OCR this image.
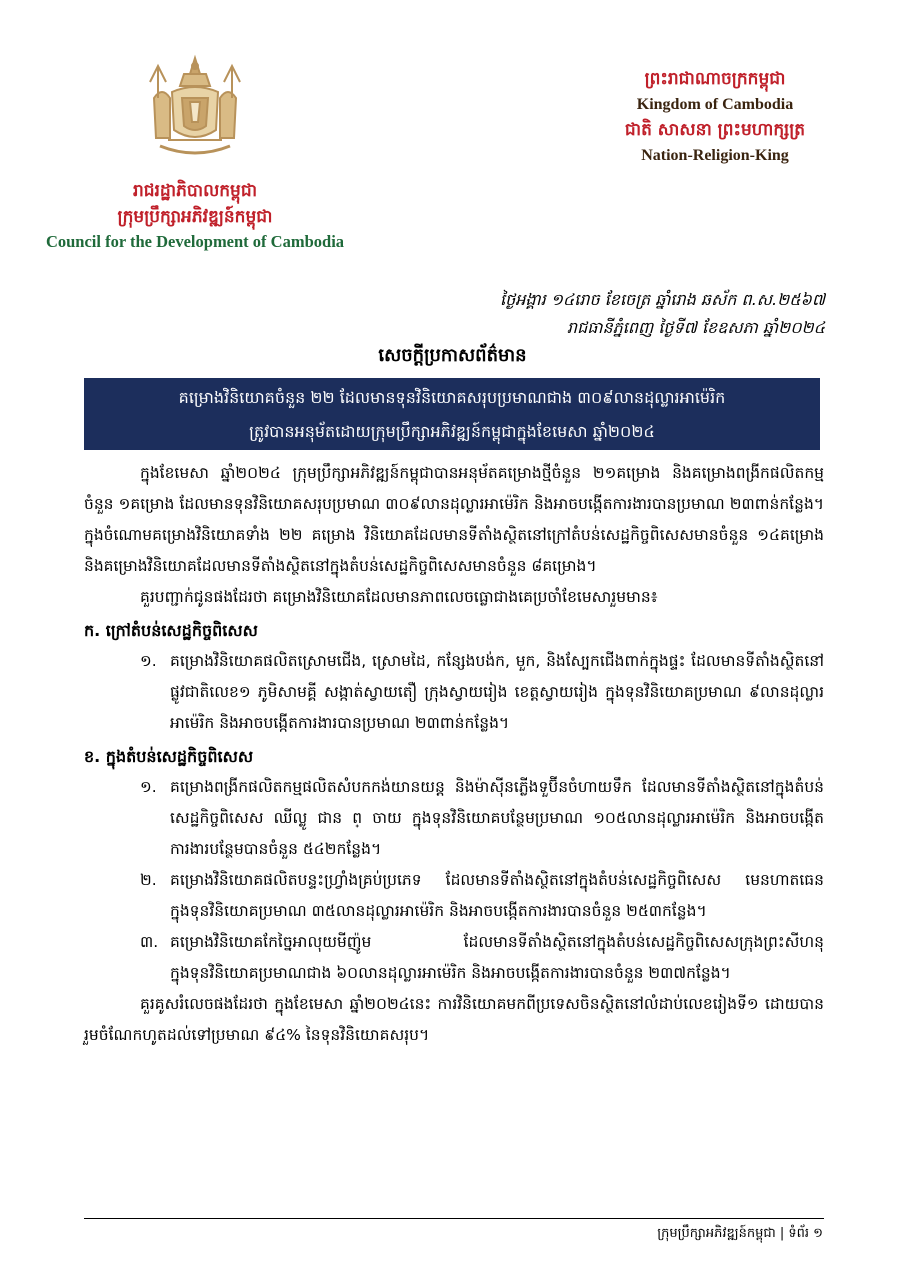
រាជរដ្ឋាភិបាលកម្ពុជា
ក្រុមប្រឹក្សាអភិវឌ្ឍន៍កម្ពុជា
Council for the Development of Cambodia
ព្រះរាជាណាចក្រកម្ពុជា
Kingdom of Cambodia
ជាតិ សាសនា ព្រះមហាក្សត្រ
Nation-Religion-King
ថ្ងៃអង្គារ ១៤រោច ខែចេត្រ ឆ្នាំរោង ឆស័ក ព.ស.២៥៦៧
រាជធានីភ្នំពេញ ថ្ងៃទី៧ ខែឧសភា ឆ្នាំ២០២៤
សេចក្តីប្រកាសព័ត៌មាន
គម្រោងវិនិយោគចំនួន ២២ ដែលមានទុនវិនិយោគសរុបប្រមាណជាង ៣០៩លានដុល្លារអាម៉េរិក
ត្រូវបានអនុម័តដោយក្រុមប្រឹក្សាអភិវឌ្ឍន៍កម្ពុជាក្នុងខែមេសា ឆ្នាំ២០២៤

ក្នុងខែមេសា ឆ្នាំ២០២៤ ក្រុមប្រឹក្សាអភិវឌ្ឍន៍កម្ពុជាបានអនុម័តគម្រោងថ្មីចំនួន ២១គម្រោង និងគម្រោងពង្រីកផលិតកម្មចំនួន ១គម្រោង ដែលមានទុនវិនិយោគសរុបប្រមាណ ៣០៩លានដុល្លារអាម៉េរិក និងអាចបង្កើតការងារបានប្រមាណ ២៣ពាន់កន្លែង។ ក្នុងចំណោមគម្រោងវិនិយោគទាំង ២២ គម្រោង វិនិយោគដែលមានទីតាំងស្ថិតនៅក្រៅតំបន់សេដ្ឋកិច្ចពិសេសមានចំនួន ១៤គម្រោង និងគម្រោងវិនិយោគដែលមានទីតាំងស្ថិតនៅក្នុងតំបន់សេដ្ឋកិច្ចពិសេសមានចំនួន ៨គម្រោង។

គួរបញ្ជាក់ជូនផងដែរថា គម្រោងវិនិយោគដែលមានភាពលេចធ្លោជាងគេប្រចាំខែមេសារួមមាន៖

ក. ក្រៅតំបន់សេដ្ឋកិច្ចពិសេស

១. គម្រោងវិនិយោគផលិតស្រោមជើង, ស្រោមដៃ, កន្សែងបង់ក, មួក, និងស្បែកជើងពាក់ក្នុងផ្ទះ ដែលមានទីតាំងស្ថិតនៅផ្លូវជាតិលេខ១ ភូមិសាមគ្គី សង្កាត់ស្វាយតឿ ក្រុងស្វាយរៀង ខេត្តស្វាយរៀង ក្នុងទុនវិនិយោគប្រមាណ ៩លានដុល្លារអាម៉េរិក និងអាចបង្កើតការងារបានប្រមាណ ២៣ពាន់កន្លែង។

ខ. ក្នុងតំបន់សេដ្ឋកិច្ចពិសេស

១. គម្រោងពង្រីកផលិតកម្មផលិតសំបកកង់យានយន្ត និងម៉ាស៊ីនភ្លើងទួប៊ីនចំហាយទឹក ដែលមានទីតាំងស្ថិតនៅក្នុងតំបន់សេដ្ឋកិច្ចពិសេស ឈីល្លូ ជាន ព្ ចាយ ក្នុងទុនវិនិយោគបន្ថែមប្រមាណ ១០៥លានដុល្លារអាម៉េរិក និងអាចបង្កើតការងារបន្ថែមបានចំនួន ៥៤២កន្លែង។
២. គម្រោងវិនិយោគផលិតបន្ទះហ្វ្រាំងគ្រប់ប្រភេទ ដែលមានទីតាំងស្ថិតនៅក្នុងតំបន់សេដ្ឋកិច្ចពិសេស មេនហាតធេន ក្នុងទុនវិនិយោគប្រមាណ ៣៥លានដុល្លារអាម៉េរិក និងអាចបង្កើតការងារបានចំនួន ២៥៣កន្លែង។
៣. គម្រោងវិនិយោគកែច្នៃអាលុយមីញ៉ូម ដែលមានទីតាំងស្ថិតនៅក្នុងតំបន់សេដ្ឋកិច្ចពិសេសក្រុងព្រះសីហនុ ក្នុងទុនវិនិយោគប្រមាណជាង ៦០លានដុល្លារអាម៉េរិក និងអាចបង្កើតការងារបានចំនួន ២៣៧កន្លែង។

គួរគូសរំលេចផងដែរថា ក្នុងខែមេសា ឆ្នាំ២០២៤នេះ ការវិនិយោគមកពីប្រទេសចិនស្ថិតនៅលំដាប់លេខរៀងទី១ ដោយបានរួមចំណែកហូតដល់ទៅប្រមាណ ៩៤% នៃទុនវិនិយោគសរុប។

ក្រុមប្រឹក្សាអភិវឌ្ឍន៍កម្ពុជា | ទំព័រ ១
